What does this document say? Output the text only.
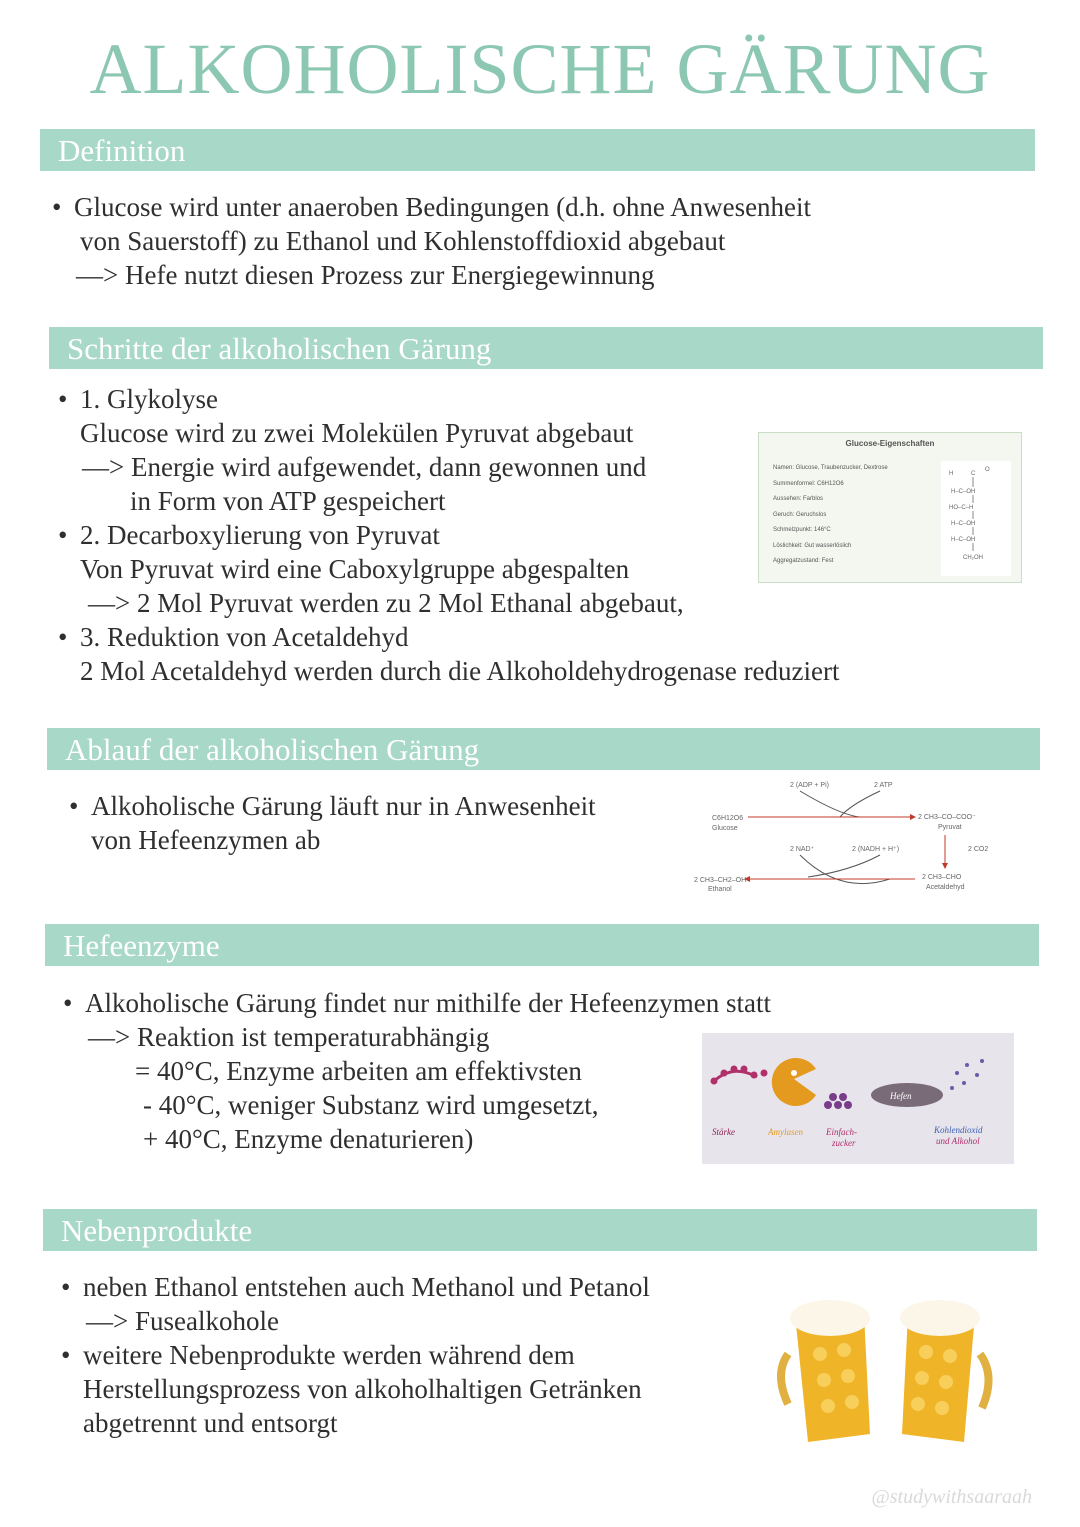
ALKOHOLISCHE GÄRUNG
Definition
• Glucose wird unter anaeroben Bedingungen (d.h. ohne Anwesenheit
von Sauerstoff) zu Ethanol und Kohlenstoffdioxid abgebaut
—> Hefe nutzt diesen Prozess zur Energiegewinnung
Schritte der alkoholischen Gärung
• 1. Glykolyse
Glucose wird zu zwei Molekülen Pyruvat abgebaut
—> Energie wird aufgewendet, dann gewonnen und
in Form von ATP gespeichert
• 2. Decarboxylierung von Pyruvat
Von Pyruvat wird eine Caboxylgruppe abgespalten
—> 2 Mol Pyruvat werden zu 2 Mol Ethanal abgebaut,
• 3. Reduktion von Acetaldehyd
2 Mol Acetaldehyd werden durch die Alkoholdehydrogenase reduziert
Glucose-Eigenschaften
Namen: Glucose, Traubenzucker, Dextrose
Summenformel: C6H12O6
Aussehen: Farblos
Geruch: Geruchslos
Schmelzpunkt: 146°C
Löslichkeit: Gut wasserlöslich
Aggregatzustand: Fest
H	C
O
H–C–OH
HO–C–H
H–C–OH
H–C–OH
CH₂OH
Ablauf der alkoholischen Gärung
• Alkoholische Gärung läuft nur in Anwesenheit
von Hefeenzymen ab
2 (ADP + Pi)	2 ATP
C6H12O6
Glucose
2 CH3–CO–COO⁻
Pyruvat
2 NAD⁺	2 (NADH + H⁺)	2 CO2
2 CH3–CH2–OH
Ethanol
2 CH3–CHO
Acetaldehyd
Hefeenzyme
• Alkoholische Gärung findet nur mithilfe der Hefeenzymen statt
—> Reaktion ist temperaturabhängig
= 40°C, Enzyme arbeiten am effektivsten
- 40°C, weniger Substanz wird umgesetzt,
+ 40°C, Enzyme denaturieren)
Hefen
Stärke	Amylasen	Einfach-
zucker
Kohlendioxid
und Alkohol
Nebenprodukte
• neben Ethanol entstehen auch Methanol und Petanol
—> Fusealkohole
• weitere Nebenprodukte werden während dem
Herstellungsprozess von alkoholhaltigen Getränken
abgetrennt und entsorgt
@studywithsaaraah
